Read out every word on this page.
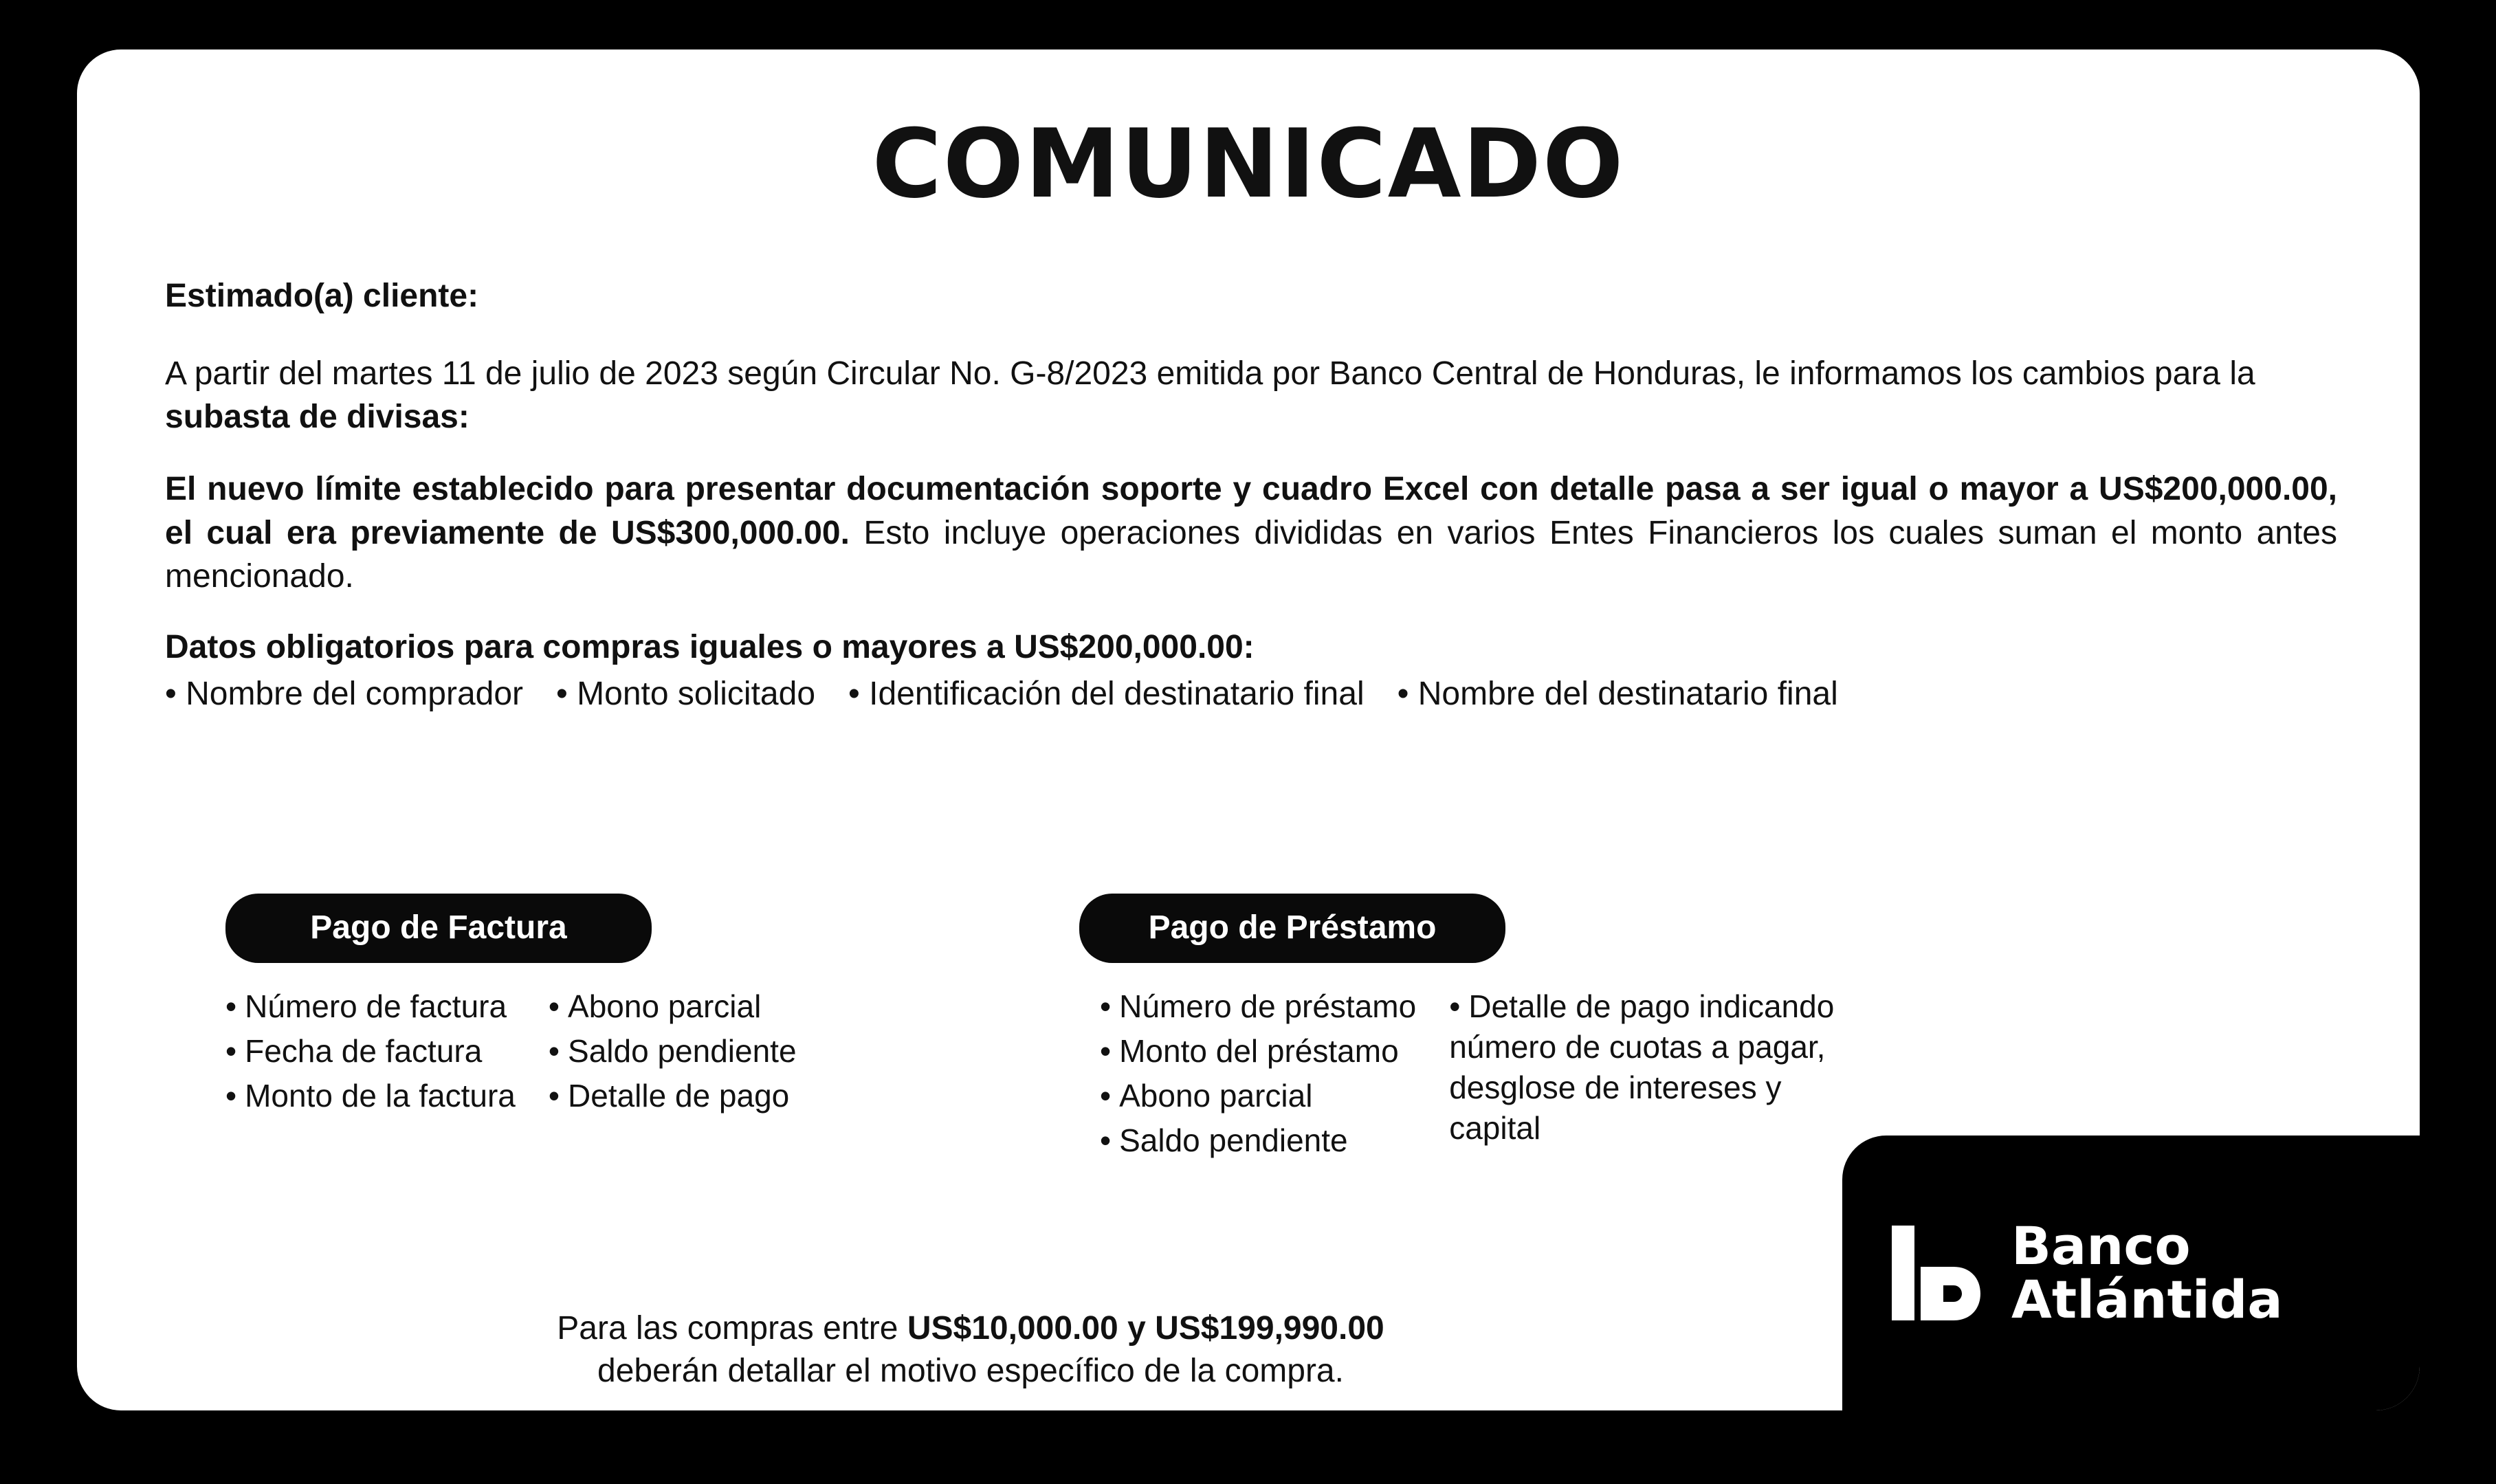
COMUNICADO
Estimado(a) cliente:

A partir del martes 11 de julio de 2023 según Circular No. G-8/2023 emitida por Banco Central de Honduras, le informamos los cambios para la subasta de divisas:

El nuevo límite establecido para presentar documentación soporte y cuadro Excel con detalle pasa a ser igual o mayor a US$200,000.00, el cual era previamente de US$300,000.00. Esto incluye operaciones divididas en varios Entes Financieros los cuales suman el monto antes mencionado.

Datos obligatorios para compras iguales o mayores a US$200,000.00:
• Nombre del comprador • Monto solicitado • Identificación del destinatario final • Nombre del destinatario final
Pago de Factura
• Número de factura
• Fecha de factura
• Monto de la factura
• Abono parcial
• Saldo pendiente
• Detalle de pago
Pago de Préstamo
• Número de préstamo
• Monto del préstamo
• Abono parcial
• Saldo pendiente
• Detalle de pago indicando número de cuotas a pagar, desglose de intereses y capital
Para las compras entre US$10,000.00 y US$199,990.00
deberán detallar el motivo específico de la compra.
Banco
Atlántida
